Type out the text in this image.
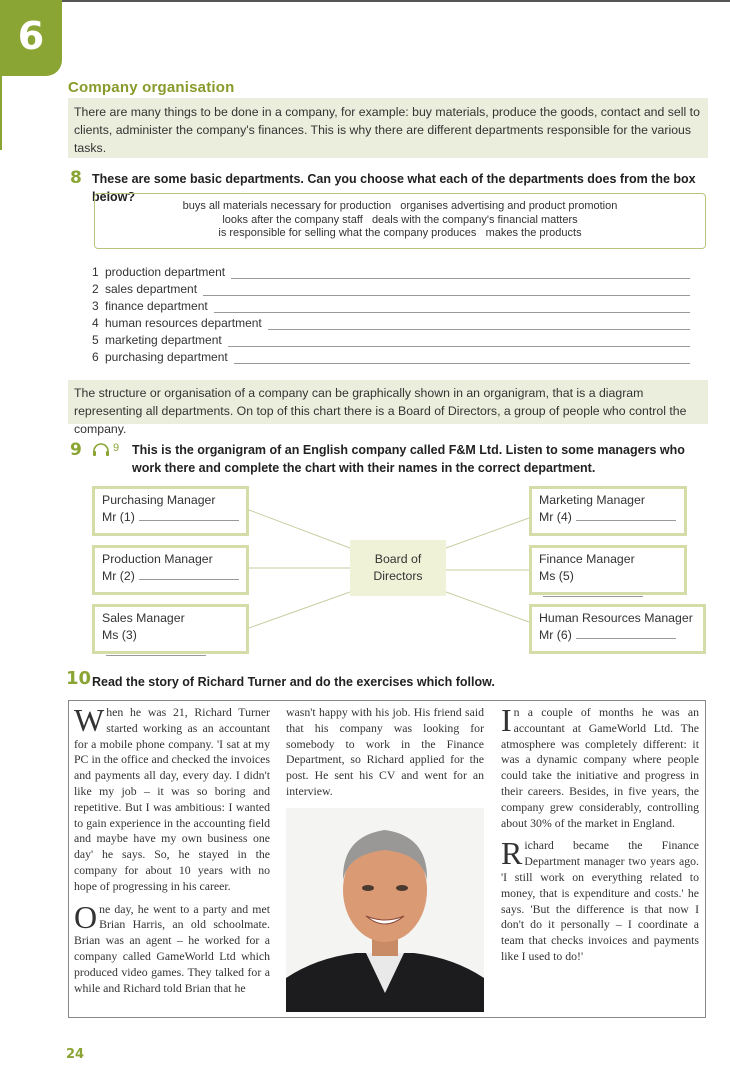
6
Company organisation
There are many things to be done in a company, for example: buy materials, produce the goods, contact and sell to clients, administer the company's finances. This is why there are different departments responsible for the various tasks.
8 These are some basic departments. Can you choose what each of the departments does from the box below?
buys all materials necessary for production   organises advertising and product promotion
looks after the company staff   deals with the company's financial matters
is responsible for selling what the company produces   makes the products
1 production department
2 sales department
3 finance department
4 human resources department
5 marketing department
6 purchasing department
The structure or organisation of a company can be graphically shown in an organigram, that is a diagram representing all departments. On top of this chart there is a Board of Directors, a group of people who control the company.
9	9 This is the organigram of an English company called F&M Ltd. Listen to some managers who work there and complete the chart with their names in the correct department.
Purchasing Manager
Mr (1)
Production Manager
Mr (2)
Sales Manager
Ms (3)
Board of
Directors
Marketing Manager
Mr (4)
Finance Manager
Ms (5)
Human Resources Manager
Mr (6)
10 Read the story of Richard Turner and do the exercises which follow.

When he was 21, Richard Turner started working as an accountant for a mobile phone company. 'I sat at my PC in the office and checked the invoices and payments all day, every day. I didn't like my job – it was so boring and repetitive. But I was ambitious: I wanted to gain experience in the accounting field and maybe have my own business one day' he says. So, he stayed in the company for about 10 years with no hope of progressing in his career.

One day, he went to a party and met Brian Harris, an old schoolmate. Brian was an agent – he worked for a company called GameWorld Ltd which produced video games. They talked for a while and Richard told Brian that he

wasn't happy with his job. His friend said that his company was looking for somebody to work in the Finance Department, so Richard applied for the post. He sent his CV and went for an interview.

In a couple of months he was an accountant at GameWorld Ltd. The atmosphere was completely different: it was a dynamic company where people could take the initiative and progress in their careers. Besides, in five years, the company grew considerably, controlling about 30% of the market in England.

Richard became the Finance Department manager two years ago. 'I still work on everything related to money, that is expenditure and costs.' he says. 'But the difference is that now I don't do it personally – I coordinate a team that checks invoices and payments like I used to do!'

24
